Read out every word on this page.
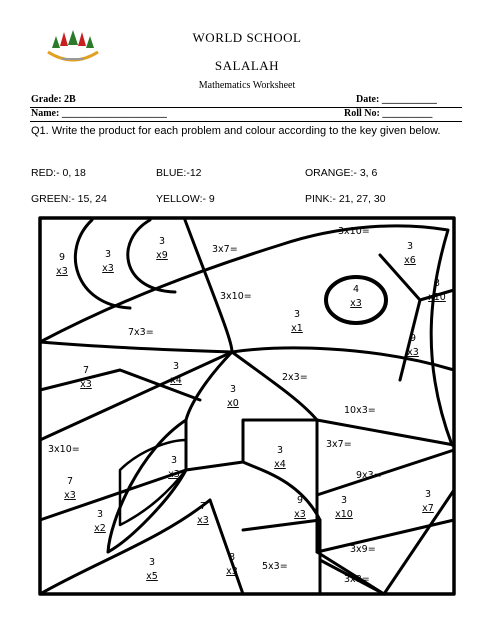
WORLD SCHOOL
SALALAH
Mathematics Worksheet
Grade: 2B	Date: ___________
Name: _____________________	Roll No: __________
Q1. Write the product for each problem and colour according to the key given below.
RED:- 0, 18	BLUE:-12	ORANGE:- 3, 6
GREEN:- 15, 24	YELLOW:- 9	PINK:- 21, 27, 30
9
x3
3
x3
3
x9
3
x6
3
x10
4
x3
3
x1
9
x3
7
x3
3
x4
3
x0
3
x3
3
x4
7
x3
3
x2
7
x3
9
x3
3
x10
3
x7
3
x5
8
x3
3x10=
3x7=
3x10=
7x3=
2x3=
10x3=
3x10=	3x7=
9x3=
5x3=
3x9=
3x8=
